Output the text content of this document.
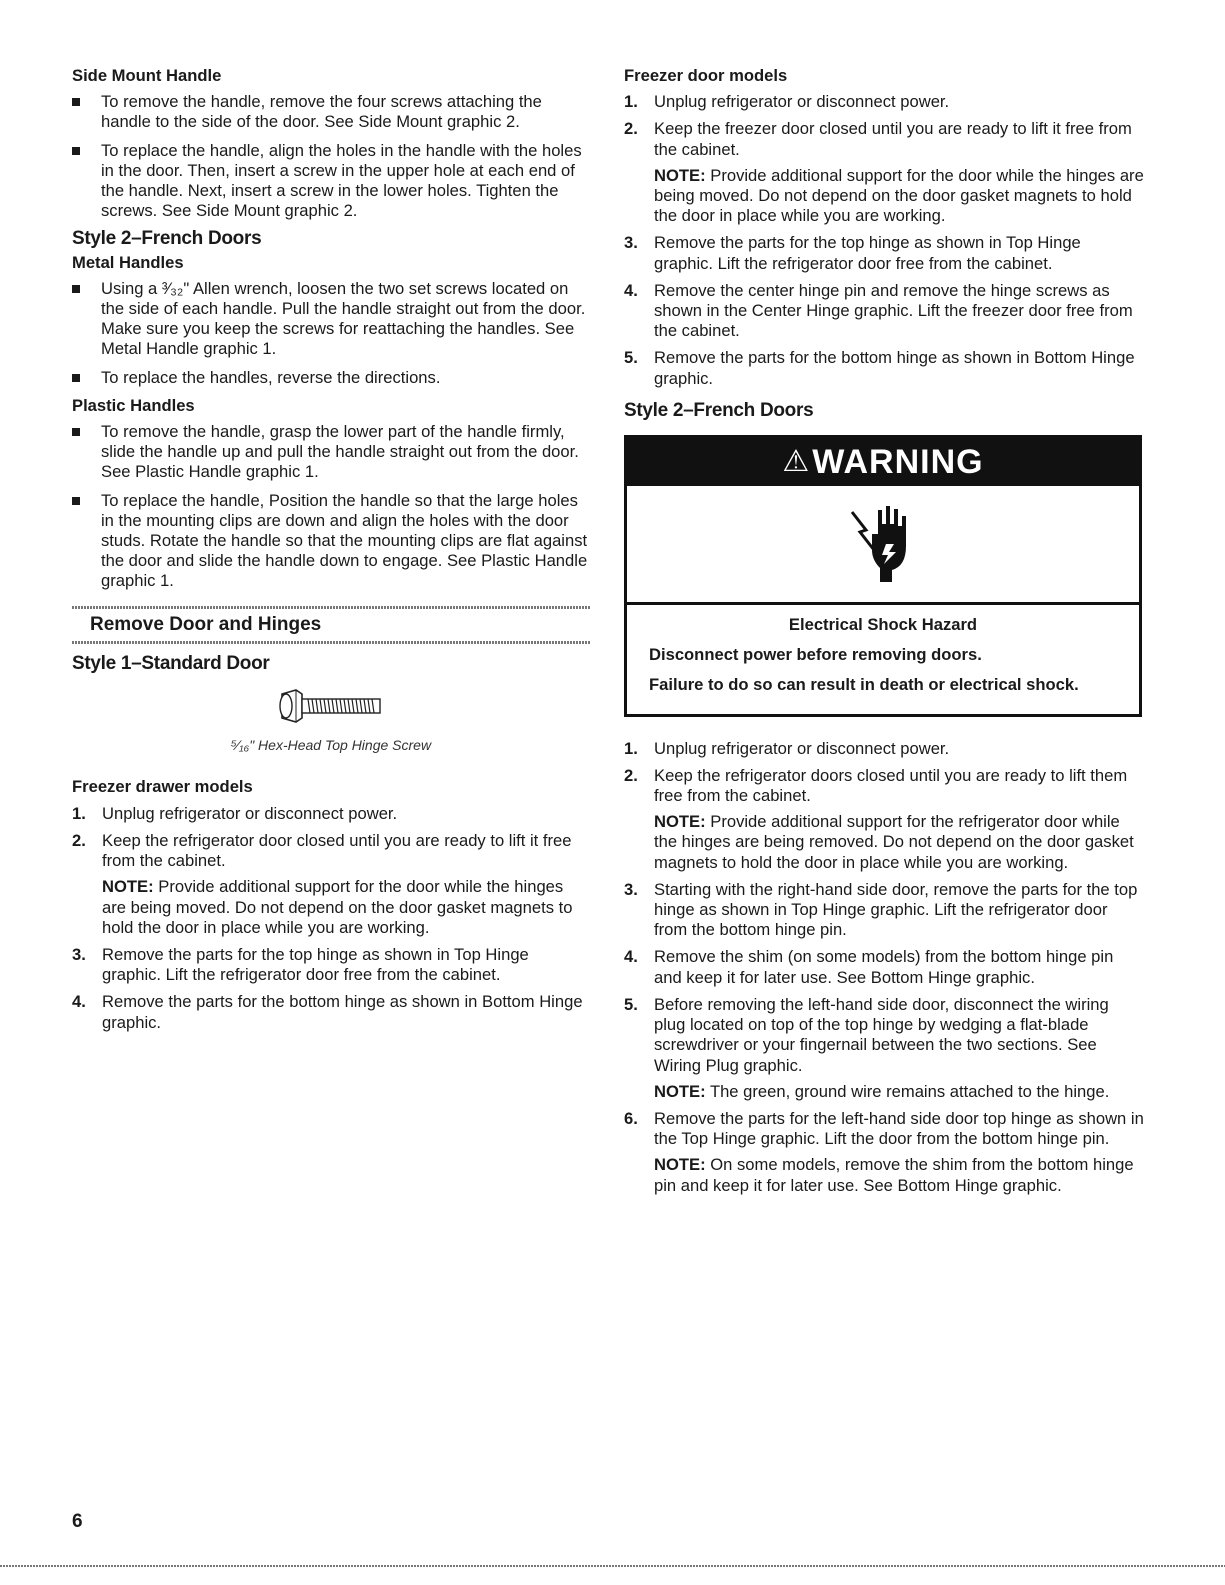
Side Mount Handle
To remove the handle, remove the four screws attaching the handle to the side of the door. See Side Mount graphic 2.
To replace the handle, align the holes in the handle with the holes in the door. Then, insert a screw in the upper hole at each end of the handle. Next, insert a screw in the lower holes. Tighten the screws. See Side Mount graphic 2.
Style 2–French Doors
Metal Handles
Using a ³⁄₃₂" Allen wrench, loosen the two set screws located on the side of each handle. Pull the handle straight out from the door. Make sure you keep the screws for reattaching the handles. See Metal Handle graphic 1.
To replace the handles, reverse the directions.
Plastic Handles
To remove the handle, grasp the lower part of the handle firmly, slide the handle up and pull the handle straight out from the door. See Plastic Handle graphic 1.
To replace the handle, Position the handle so that the large holes in the mounting clips are down and align the holes with the door studs. Rotate the handle so that the mounting clips are flat against the door and slide the handle down to engage. See Plastic Handle graphic 1.
Remove Door and Hinges
Style 1–Standard Door
⁵⁄₁₆" Hex-Head Top Hinge Screw
Freezer drawer models
1. Unplug refrigerator or disconnect power.
2. Keep the refrigerator door closed until you are ready to lift it free from the cabinet.
NOTE: Provide additional support for the door while the hinges are being moved. Do not depend on the door gasket magnets to hold the door in place while you are working.
3. Remove the parts for the top hinge as shown in Top Hinge graphic. Lift the refrigerator door free from the cabinet.
4. Remove the parts for the bottom hinge as shown in Bottom Hinge graphic.
Freezer door models
1. Unplug refrigerator or disconnect power.
2. Keep the freezer door closed until you are ready to lift it free from the cabinet.
NOTE: Provide additional support for the door while the hinges are being moved. Do not depend on the door gasket magnets to hold the door in place while you are working.
3. Remove the parts for the top hinge as shown in Top Hinge graphic. Lift the refrigerator door free from the cabinet.
4. Remove the center hinge pin and remove the hinge screws as shown in the Center Hinge graphic. Lift the freezer door free from the cabinet.
5. Remove the parts for the bottom hinge as shown in Bottom Hinge graphic.
Style 2–French Doors
⚠WARNING
Electrical Shock Hazard

Disconnect power before removing doors.

Failure to do so can result in death or electrical shock.

1. Unplug refrigerator or disconnect power.
2. Keep the refrigerator doors closed until you are ready to lift them free from the cabinet.
NOTE: Provide additional support for the refrigerator door while the hinges are being removed. Do not depend on the door gasket magnets to hold the door in place while you are working.
3. Starting with the right-hand side door, remove the parts for the top hinge as shown in Top Hinge graphic. Lift the refrigerator door from the bottom hinge pin.
4. Remove the shim (on some models) from the bottom hinge pin and keep it for later use. See Bottom Hinge graphic.
5. Before removing the left-hand side door, disconnect the wiring plug located on top of the top hinge by wedging a flat-blade screwdriver or your fingernail between the two sections. See Wiring Plug graphic.
NOTE: The green, ground wire remains attached to the hinge.
6. Remove the parts for the left-hand side door top hinge as shown in the Top Hinge graphic. Lift the door from the bottom hinge pin.
NOTE: On some models, remove the shim from the bottom hinge pin and keep it for later use. See Bottom Hinge graphic.
6
